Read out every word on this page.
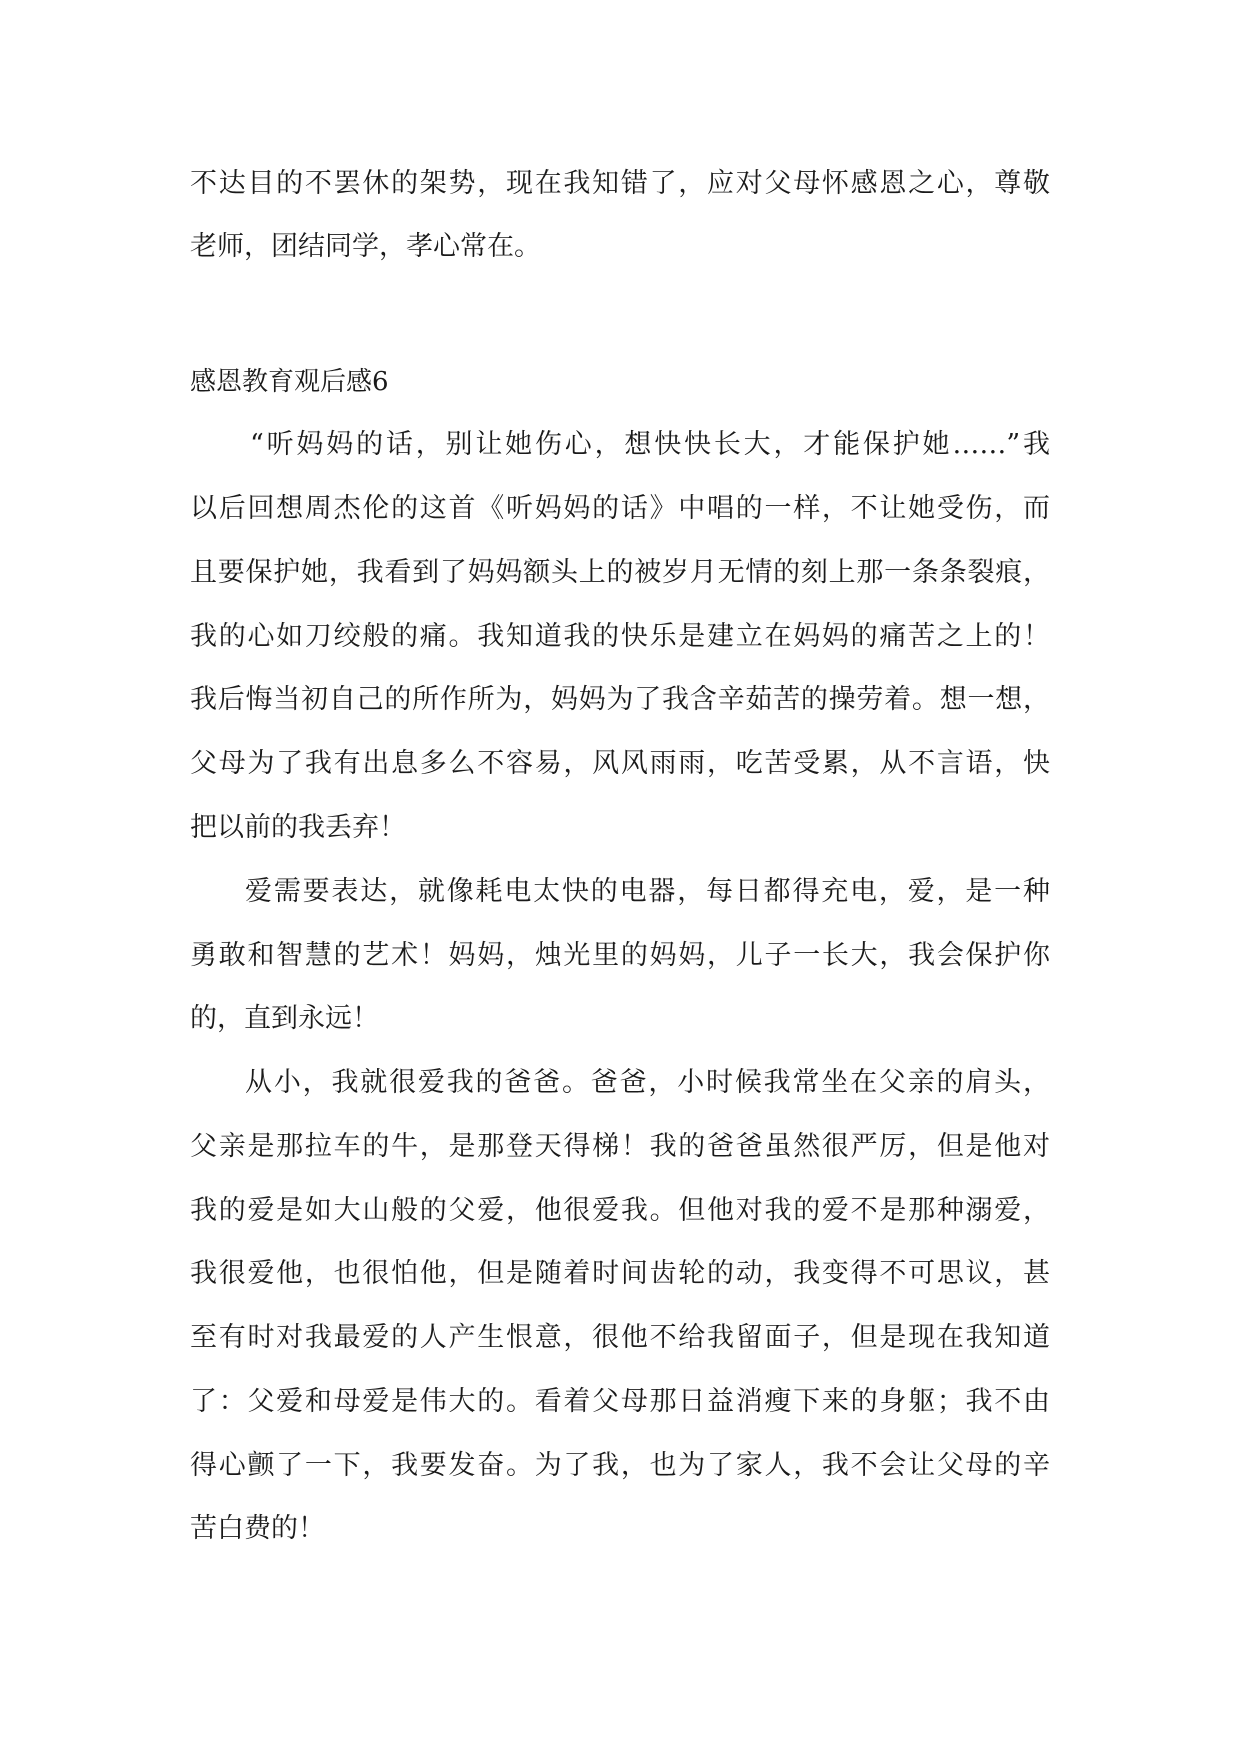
不达目的不罢休的架势，现在我知错了，应对父母怀感恩之心，尊敬
老师，团结同学，孝心常在。
感恩教育观后感6
“听妈妈的话，别让她伤心，想快快长大，才能保护她……”我
以后回想周杰伦的这首《听妈妈的话》中唱的一样，不让她受伤，而
且要保护她，我看到了妈妈额头上的被岁月无情的刻上那一条条裂痕，
我的心如刀绞般的痛。我知道我的快乐是建立在妈妈的痛苦之上的！
我后悔当初自己的所作所为，妈妈为了我含辛茹苦的操劳着。想一想，
父母为了我有出息多么不容易，风风雨雨，吃苦受累，从不言语，快
把以前的我丢弃！
爱需要表达，就像耗电太快的电器，每日都得充电，爱，是一种
勇敢和智慧的艺术！妈妈，烛光里的妈妈，儿子一长大，我会保护你
的，直到永远！
从小，我就很爱我的爸爸。爸爸，小时候我常坐在父亲的肩头，
父亲是那拉车的牛，是那登天得梯！我的爸爸虽然很严厉，但是他对
我的爱是如大山般的父爱，他很爱我。但他对我的爱不是那种溺爱，
我很爱他，也很怕他，但是随着时间齿轮的动，我变得不可思议，甚
至有时对我最爱的人产生恨意，很他不给我留面子，但是现在我知道
了：父爱和母爱是伟大的。看着父母那日益消瘦下来的身躯；我不由
得心颤了一下，我要发奋。为了我，也为了家人，我不会让父母的辛
苦白费的！
